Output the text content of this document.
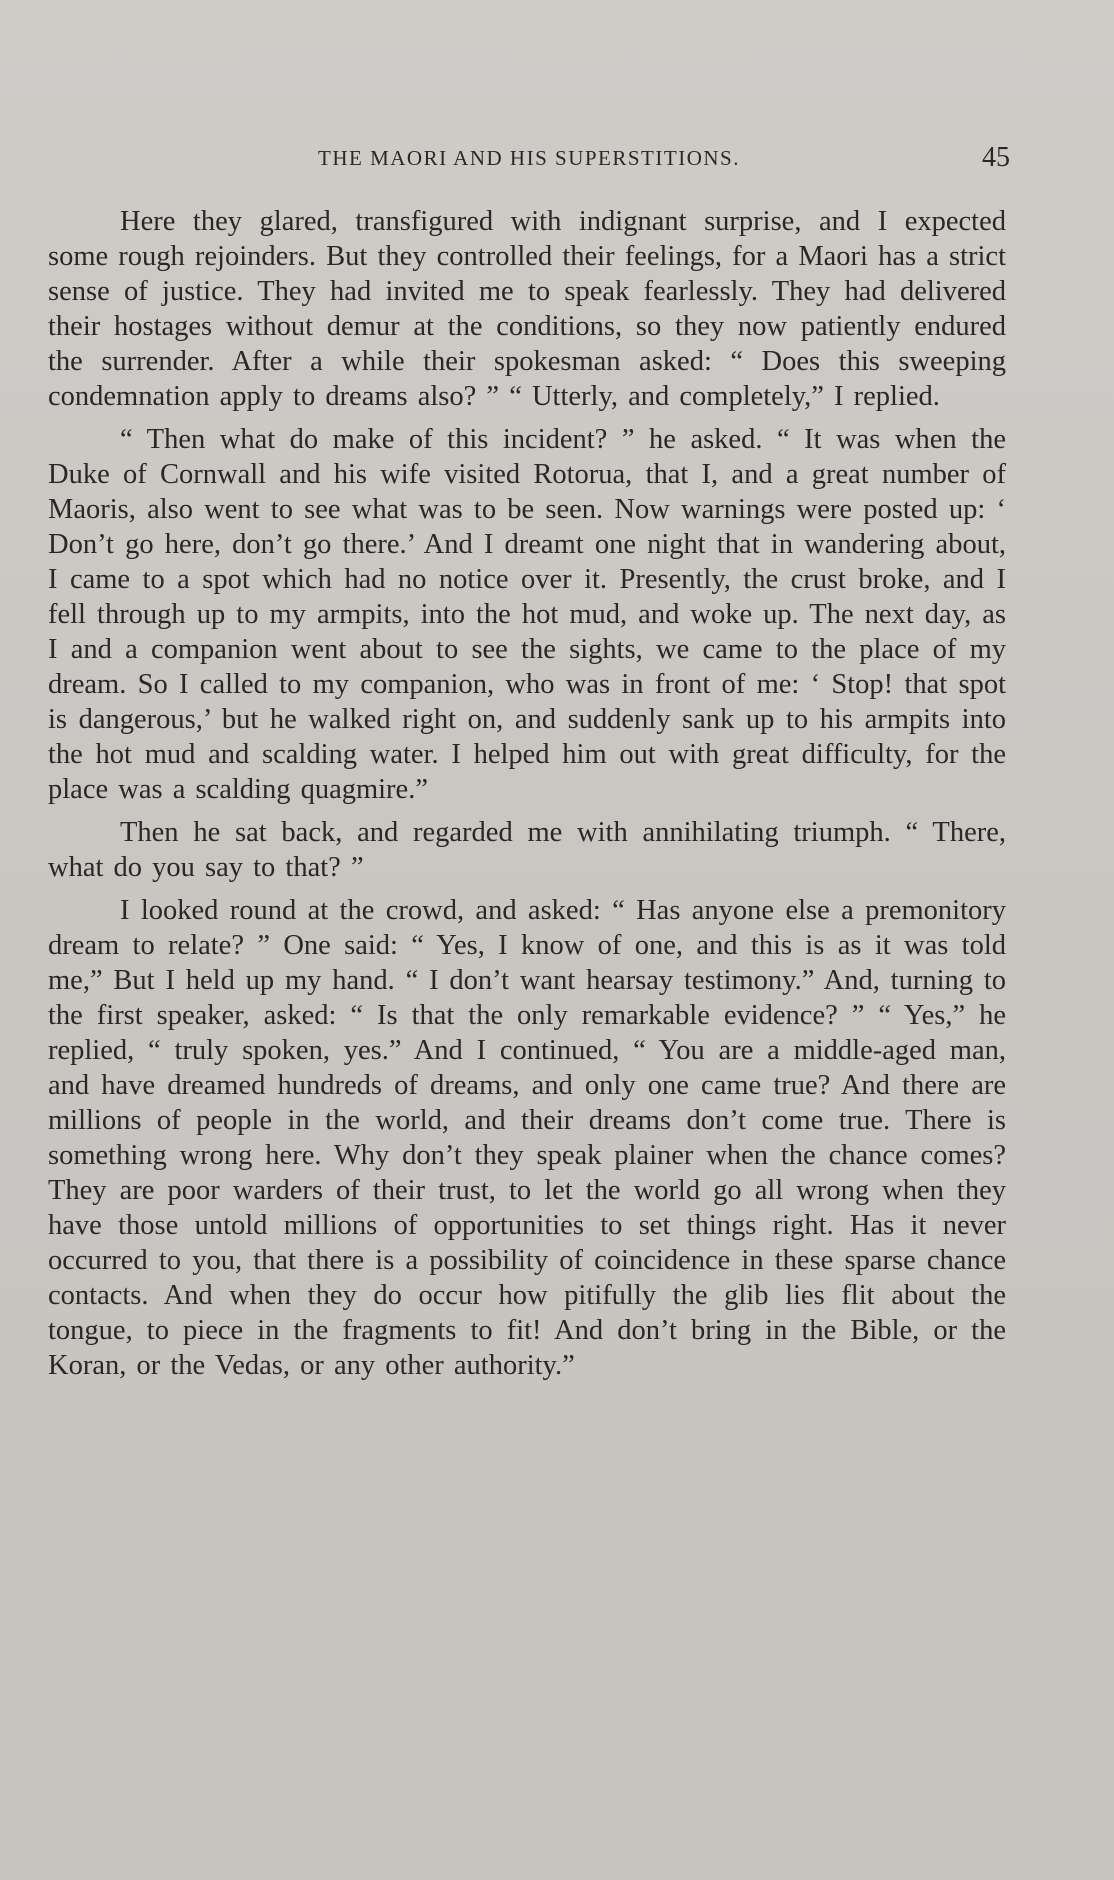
THE MAORI AND HIS SUPERSTITIONS.	45

Here they glared, transfigured with indignant surprise, and I expected some rough rejoinders. But they controlled their feelings, for a Maori has a strict sense of justice. They had invited me to speak fearlessly. They had delivered their hostages without demur at the conditions, so they now patiently endured the surrender. After a while their spokesman asked: “ Does this sweeping condemnation apply to dreams also? ” “ Utterly, and completely,” I replied.

“ Then what do make of this incident? ” he asked. “ It was when the Duke of Cornwall and his wife visited Rotorua, that I, and a great number of Maoris, also went to see what was to be seen. Now warnings were posted up: ‘ Don’t go here, don’t go there.’ And I dreamt one night that in wandering about, I came to a spot which had no notice over it. Presently, the crust broke, and I fell through up to my armpits, into the hot mud, and woke up. The next day, as I and a companion went about to see the sights, we came to the place of my dream. So I called to my companion, who was in front of me: ‘ Stop! that spot is dangerous,’ but he walked right on, and suddenly sank up to his armpits into the hot mud and scalding water. I helped him out with great difficulty, for the place was a scalding quagmire.”

Then he sat back, and regarded me with annihilating triumph. “ There, what do you say to that? ”

I looked round at the crowd, and asked: “ Has anyone else a premonitory dream to relate? ” One said: “ Yes, I know of one, and this is as it was told me,” But I held up my hand. “ I don’t want hearsay testimony.” And, turning to the first speaker, asked: “ Is that the only remarkable evidence? ” “ Yes,” he replied, “ truly spoken, yes.” And I continued, “ You are a middle-aged man, and have dreamed hundreds of dreams, and only one came true? And there are millions of people in the world, and their dreams don’t come true. There is something wrong here. Why don’t they speak plainer when the chance comes? They are poor warders of their trust, to let the world go all wrong when they have those untold millions of opportunities to set things right. Has it never occurred to you, that there is a possibility of coincidence in these sparse chance contacts. And when they do occur how pitifully the glib lies flit about the tongue, to piece in the fragments to fit! And don’t bring in the Bible, or the Koran, or the Vedas, or any other authority.”
